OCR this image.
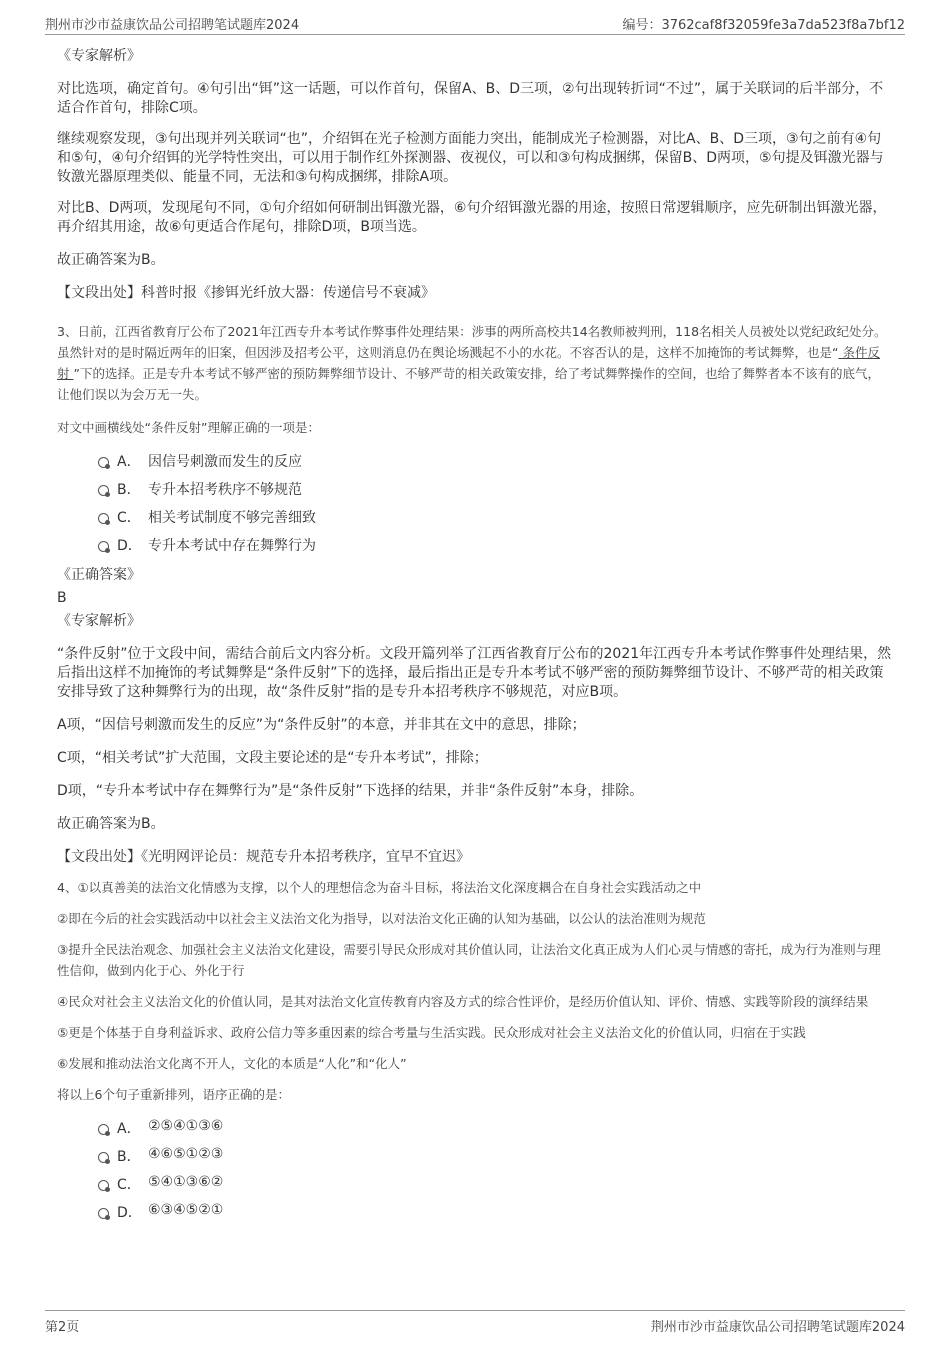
荆州市沙市益康饮品公司招聘笔试题库2024	编号：3762caf8f32059fe3a7da523f8a7bf12

《专家解析》

对比选项，确定首句。④句引出“铒”这一话题，可以作首句，保留A、B、D三项，②句出现转折词“不过”，属于关联词的后半部分，不适合作首句，排除C项。

继续观察发现，③句出现并列关联词“也”，介绍铒在光子检测方面能力突出，能制成光子检测器，对比A、B、D三项，③句之前有④句和⑤句，④句介绍铒的光学特性突出，可以用于制作红外探测器、夜视仪，可以和③句构成捆绑，保留B、D两项，⑤句提及铒激光器与钕激光器原理类似、能量不同，无法和③句构成捆绑，排除A项。

对比B、D两项，发现尾句不同，①句介绍如何研制出铒激光器，⑥句介绍铒激光器的用途，按照日常逻辑顺序，应先研制出铒激光器，再介绍其用途，故⑥句更适合作尾句，排除D项，B项当选。

故正确答案为B。

【文段出处】科普时报《掺铒光纤放大器：传递信号不衰减》

3、日前，江西省教育厅公布了2021年江西专升本考试作弊事件处理结果：涉事的两所高校共14名教师被判刑，118名相关人员被处以党纪政纪处分。虽然针对的是时隔近两年的旧案，但因涉及招考公平，这则消息仍在舆论场溅起不小的水花。不容否认的是，这样不加掩饰的考试舞弊，也是“ 条件反射 ”下的选择。正是专升本考试不够严密的预防舞弊细节设计、不够严苛的相关政策安排，给了考试舞弊操作的空间，也给了舞弊者本不该有的底气，让他们误以为会万无一失。

对文中画横线处“条件反射”理解正确的一项是：

A． 因信号刺激而发生的反应
B． 专升本招考秩序不够规范
C． 相关考试制度不够完善细致
D． 专升本考试中存在舞弊行为

《正确答案》

B

《专家解析》

“条件反射”位于文段中间，需结合前后文内容分析。文段开篇列举了江西省教育厅公布的2021年江西专升本考试作弊事件处理结果，然后指出这样不加掩饰的考试舞弊是“条件反射”下的选择，最后指出正是专升本考试不够严密的预防舞弊细节设计、不够严苛的相关政策安排导致了这种舞弊行为的出现，故“条件反射”指的是专升本招考秩序不够规范，对应B项。

A项，“因信号刺激而发生的反应”为“条件反射”的本意，并非其在文中的意思，排除；

C项，“相关考试”扩大范围，文段主要论述的是“专升本考试”，排除；

D项，“专升本考试中存在舞弊行为”是“条件反射”下选择的结果，并非“条件反射”本身，排除。

故正确答案为B。

【文段出处】《光明网评论员：规范专升本招考秩序，宜早不宜迟》

4、①以真善美的法治文化情感为支撑，以个人的理想信念为奋斗目标，将法治文化深度耦合在自身社会实践活动之中

②即在今后的社会实践活动中以社会主义法治文化为指导，以对法治文化正确的认知为基础，以公认的法治准则为规范

③提升全民法治观念、加强社会主义法治文化建设，需要引导民众形成对其价值认同，让法治文化真正成为人们心灵与情感的寄托，成为行为准则与理性信仰，做到内化于心、外化于行

④民众对社会主义法治文化的价值认同，是其对法治文化宣传教育内容及方式的综合性评价，是经历价值认知、评价、情感、实践等阶段的演绎结果

⑤更是个体基于自身利益诉求、政府公信力等多重因素的综合考量与生活实践。民众形成对社会主义法治文化的价值认同，归宿在于实践

⑥发展和推动法治文化离不开人，文化的本质是“人化”和“化人”

将以上6个句子重新排列，语序正确的是：

A． ②⑤④①③⑥
B． ④⑥⑤①②③
C． ⑤④①③⑥②
D． ⑥③④⑤②①
第2页	荆州市沙市益康饮品公司招聘笔试题库2024
